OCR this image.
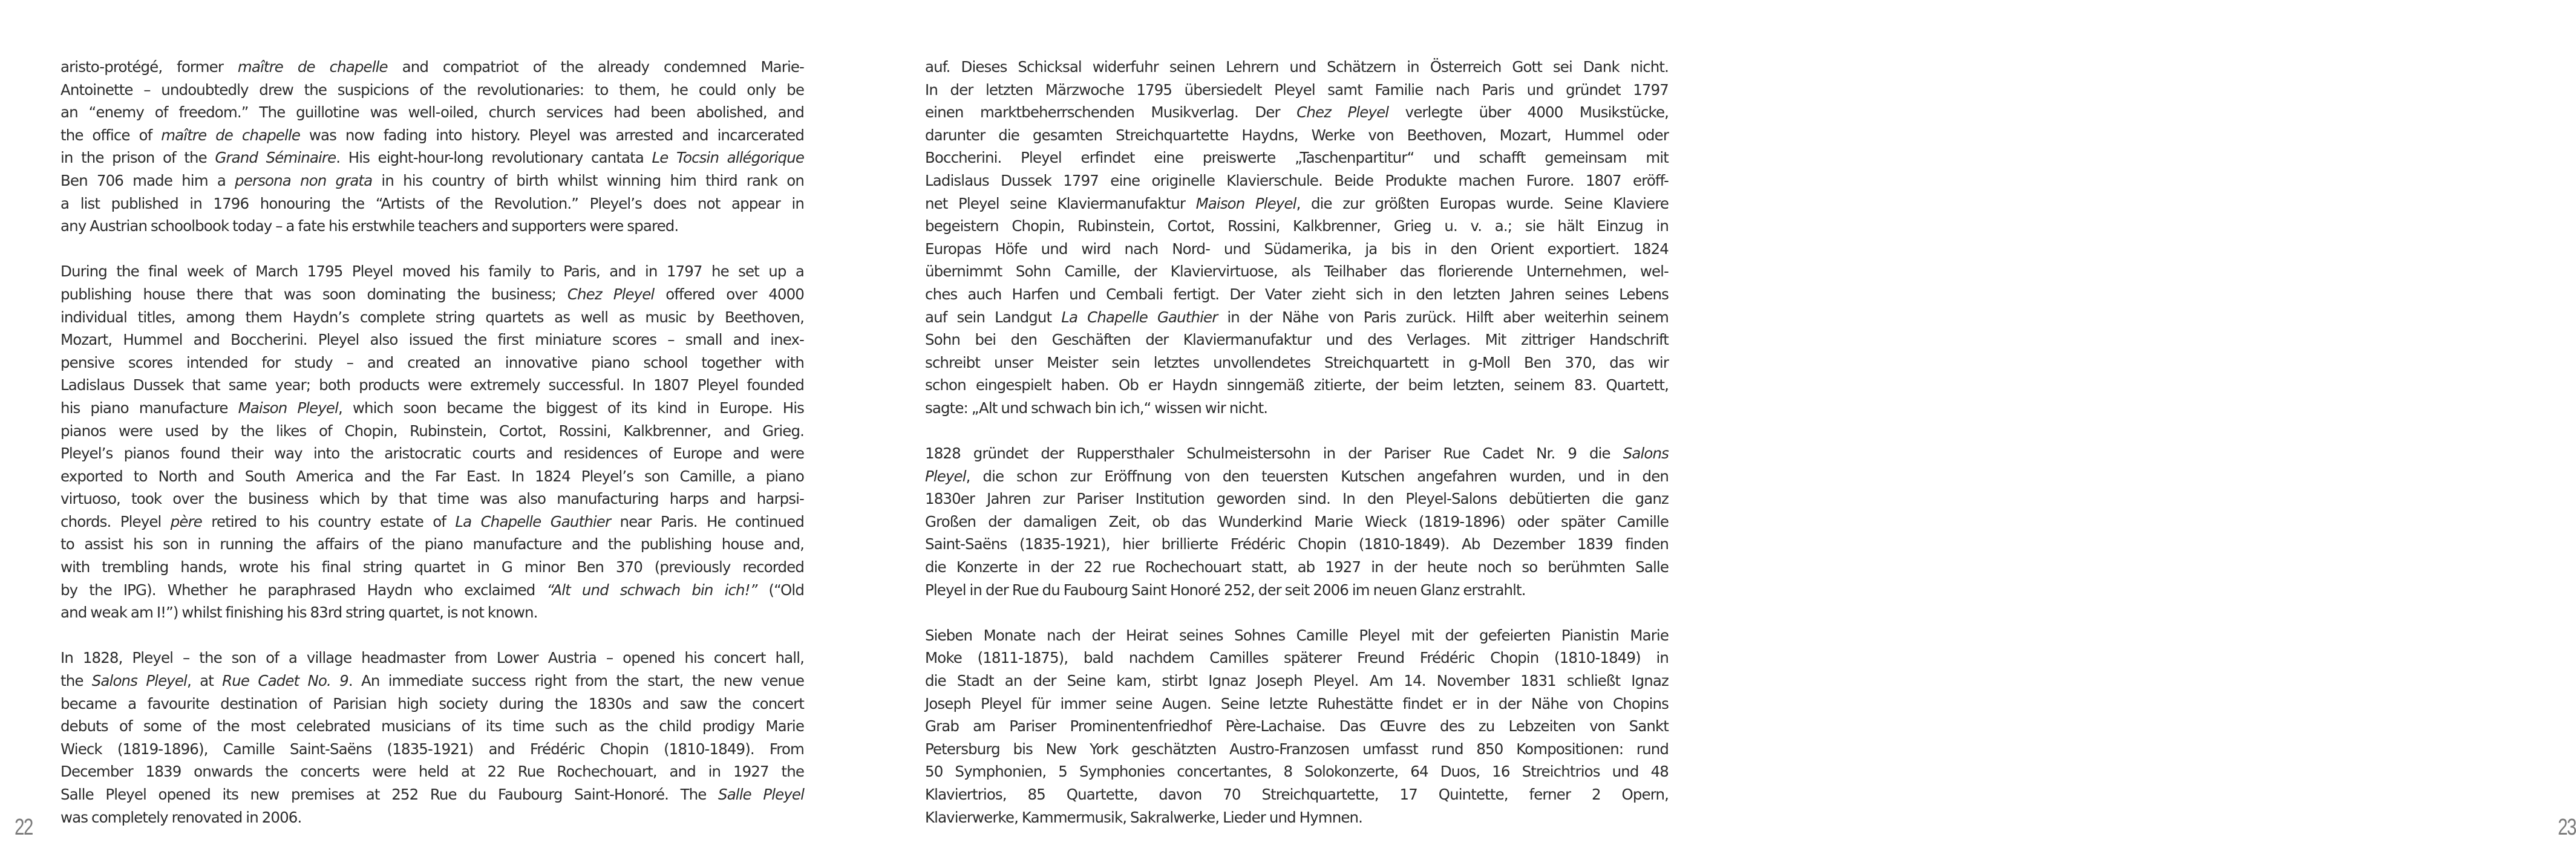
aristo-protégé, former maître de chapelle and compatriot of the already condemned Marie-
Antoinette – undoubtedly drew the suspicions of the revolutionaries: to them, he could only be
an “enemy of freedom.” The guillotine was well-oiled, church services had been abolished, and
the office of maître de chapelle was now fading into history. Pleyel was arrested and incarcerated
in the prison of the Grand Séminaire. His eight-hour-long revolutionary cantata Le Tocsin allégorique
Ben 706 made him a persona non grata in his country of birth whilst winning him third rank on
a list published in 1796 honouring the “Artists of the Revolution.” Pleyel’s does not appear in
any Austrian schoolbook today – a fate his erstwhile teachers and supporters were spared.
During the final week of March 1795 Pleyel moved his family to Paris, and in 1797 he set up a
publishing house there that was soon dominating the business; Chez Pleyel offered over 4000
individual titles, among them Haydn’s complete string quartets as well as music by Beethoven,
Mozart, Hummel and Boccherini. Pleyel also issued the first miniature scores – small and inex-
pensive scores intended for study – and created an innovative piano school together with
Ladislaus Dussek that same year; both products were extremely successful. In 1807 Pleyel founded
his piano manufacture Maison Pleyel, which soon became the biggest of its kind in Europe. His
pianos were used by the likes of Chopin, Rubinstein, Cortot, Rossini, Kalkbrenner, and Grieg.
Pleyel’s pianos found their way into the aristocratic courts and residences of Europe and were
exported to North and South America and the Far East. In 1824 Pleyel’s son Camille, a piano
virtuoso, took over the business which by that time was also manufacturing harps and harpsi-
chords. Pleyel père retired to his country estate of La Chapelle Gauthier near Paris. He continued
to assist his son in running the affairs of the piano manufacture and the publishing house and,
with trembling hands, wrote his final string quartet in G minor Ben 370 (previously recorded
by the IPG). Whether he paraphrased Haydn who exclaimed “Alt und schwach bin ich!” (“Old
and weak am I!”) whilst finishing his 83rd string quartet, is not known.
In 1828, Pleyel – the son of a village headmaster from Lower Austria – opened his concert hall,
the Salons Pleyel, at Rue Cadet No. 9. An immediate success right from the start, the new venue
became a favourite destination of Parisian high society during the 1830s and saw the concert
debuts of some of the most celebrated musicians of its time such as the child prodigy Marie
Wieck (1819-1896), Camille Saint-Saëns (1835-1921) and Frédéric Chopin (1810-1849). From
December 1839 onwards the concerts were held at 22 Rue Rochechouart, and in 1927 the
Salle Pleyel opened its new premises at 252 Rue du Faubourg Saint-Honoré. The Salle Pleyel
was completely renovated in 2006.
22
auf. Dieses Schicksal widerfuhr seinen Lehrern und Schätzern in Österreich Gott sei Dank nicht.
In der letzten Märzwoche 1795 übersiedelt Pleyel samt Familie nach Paris und gründet 1797
einen marktbeherrschenden Musikverlag. Der Chez Pleyel verlegte über 4000 Musikstücke,
darunter die gesamten Streichquartette Haydns, Werke von Beethoven, Mozart, Hummel oder
Boccherini. Pleyel erfindet eine preiswerte „Taschenpartitur“ und schafft gemeinsam mit
Ladislaus Dussek 1797 eine originelle Klavierschule. Beide Produkte machen Furore. 1807 eröff-
net Pleyel seine Klaviermanufaktur Maison Pleyel, die zur größten Europas wurde. Seine Klaviere
begeistern Chopin, Rubinstein, Cortot, Rossini, Kalkbrenner, Grieg u. v. a.; sie hält Einzug in
Europas Höfe und wird nach Nord- und Südamerika, ja bis in den Orient exportiert. 1824
übernimmt Sohn Camille, der Klaviervirtuose, als Teilhaber das florierende Unternehmen, wel-
ches auch Harfen und Cembali fertigt. Der Vater zieht sich in den letzten Jahren seines Lebens
auf sein Landgut La Chapelle Gauthier in der Nähe von Paris zurück. Hilft aber weiterhin seinem
Sohn bei den Geschäften der Klaviermanufaktur und des Verlages. Mit zittriger Handschrift
schreibt unser Meister sein letztes unvollendetes Streichquartett in g-Moll Ben 370, das wir
schon eingespielt haben. Ob er Haydn sinngemäß zitierte, der beim letzten, seinem 83. Quartett,
sagte: „Alt und schwach bin ich,“ wissen wir nicht.
1828 gründet der Ruppersthaler Schulmeistersohn in der Pariser Rue Cadet Nr. 9 die Salons
Pleyel, die schon zur Eröffnung von den teuersten Kutschen angefahren wurden, und in den
1830er Jahren zur Pariser Institution geworden sind. In den Pleyel-Salons debütierten die ganz
Großen der damaligen Zeit, ob das Wunderkind Marie Wieck (1819-1896) oder später Camille
Saint-Saëns (1835-1921), hier brillierte Frédéric Chopin (1810-1849). Ab Dezember 1839 finden
die Konzerte in der 22 rue Rochechouart statt, ab 1927 in der heute noch so berühmten Salle
Pleyel in der Rue du Faubourg Saint Honoré 252, der seit 2006 im neuen Glanz erstrahlt.
Sieben Monate nach der Heirat seines Sohnes Camille Pleyel mit der gefeierten Pianistin Marie
Moke (1811-1875), bald nachdem Camilles späterer Freund Frédéric Chopin (1810-1849) in
die Stadt an der Seine kam, stirbt Ignaz Joseph Pleyel. Am 14. November 1831 schließt Ignaz
Joseph Pleyel für immer seine Augen. Seine letzte Ruhestätte findet er in der Nähe von Chopins
Grab am Pariser Prominentenfriedhof Père-Lachaise. Das Œuvre des zu Lebzeiten von Sankt
Petersburg bis New York geschätzten Austro-Franzosen umfasst rund 850 Kompositionen: rund
50 Symphonien, 5 Symphonies concertantes, 8 Solokonzerte, 64 Duos, 16 Streichtrios und 48
Klaviertrios, 85 Quartette, davon 70 Streichquartette, 17 Quintette, ferner 2 Opern,
Klavierwerke, Kammermusik, Sakralwerke, Lieder und Hymnen.	23
